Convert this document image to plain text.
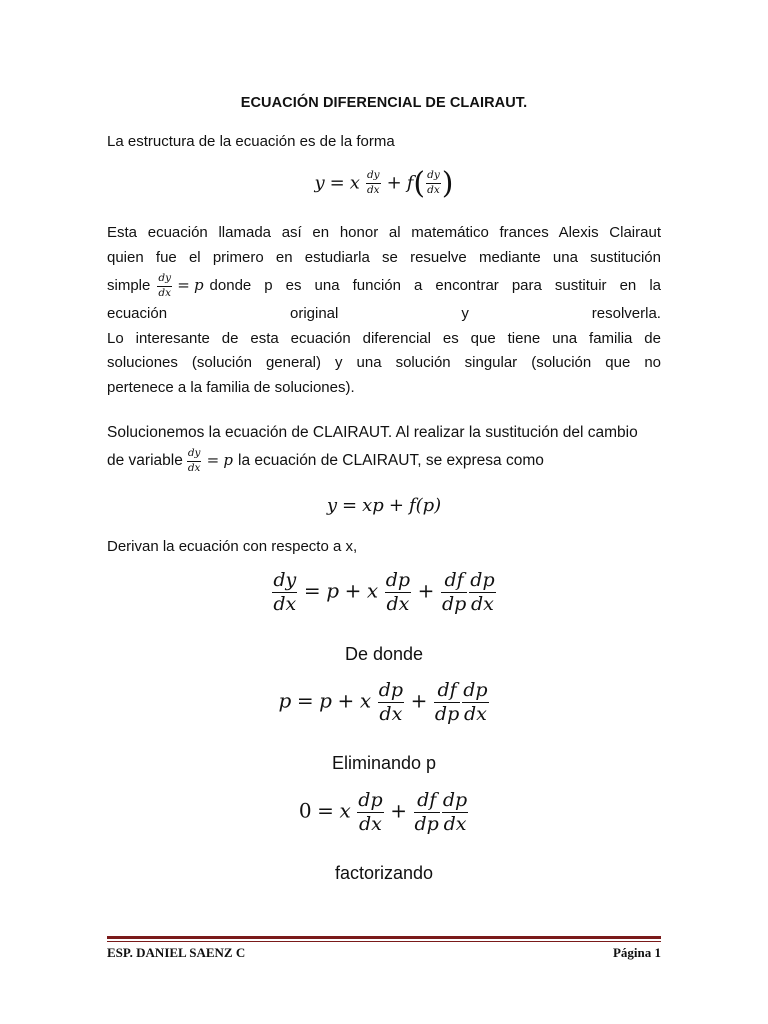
ECUACIÓN DIFERENCIAL DE CLAIRAUT.
La estructura de la ecuación es de la forma
y = x $\frac{dy}{dx} + f( \frac{dy}{dx}$ )
Esta ecuación llamada así en honor al matemático frances Alexis Clairaut
quien fue el primero en estudiarla se resuelve mediante una sustitución
simple $\frac{dy}{dx} = p$ donde p es una función a encontrar para sustituir en la
ecuación	original	y	resolverla.
Lo interesante de esta ecuación diferencial es que tiene una familia de
soluciones (solución general) y una solución singular (solución que no
pertenece a la familia de soluciones).
Solucionemos la ecuación de CLAIRAUT. Al realizar la sustitución del cambio
de variable $\frac{dy}{dx} = p$ la ecuación de CLAIRAUT, se expresa como
y = xp + f(p)
Derivan la ecuación con respecto a x,
$\frac{dy}{dx} = p + x \frac{dp}{dx} + \frac{df}{dp} \frac{dp}{dx}$
De donde
p = p + x $\frac{dp}{dx} + \frac{df}{dp} \frac{dp}{dx}$
Eliminando p
0 = x $\frac{dp}{dx} + \frac{df}{dp} \frac{dp}{dx}$
factorizando
ESP. DANIEL SAENZ C	Página 1
